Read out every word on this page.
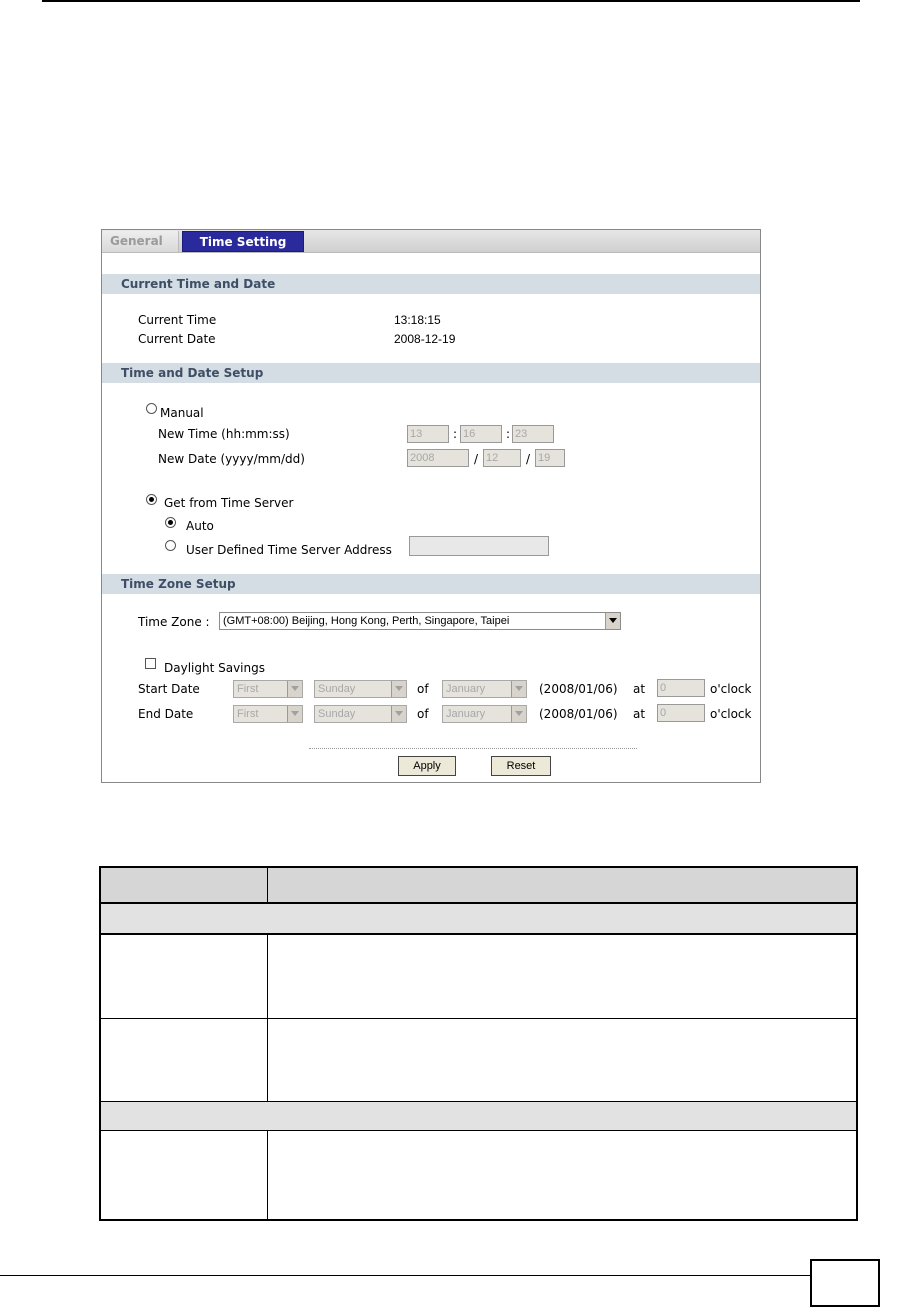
General	Time Setting
Current Time and Date
Current Time	13:18:15
Current Date	2008-12-19
Time and Date Setup
Manual
New Time (hh:mm:ss)	13	: 16	: 23
New Date (yyyy/mm/dd)	2008	/ 12	/ 19
Get from Time Server
Auto
User Defined Time Server Address
Time Zone Setup
Time Zone :	(GMT+08:00) Beijing, Hong Kong, Perth, Singapore, Taipei
Daylight Savings
Start Date	First	Sunday	of	January	(2008/01/06) at 0	o'clock
End Date	First	Sunday	of	January	(2008/01/06) at 0	o'clock
Apply	Reset
